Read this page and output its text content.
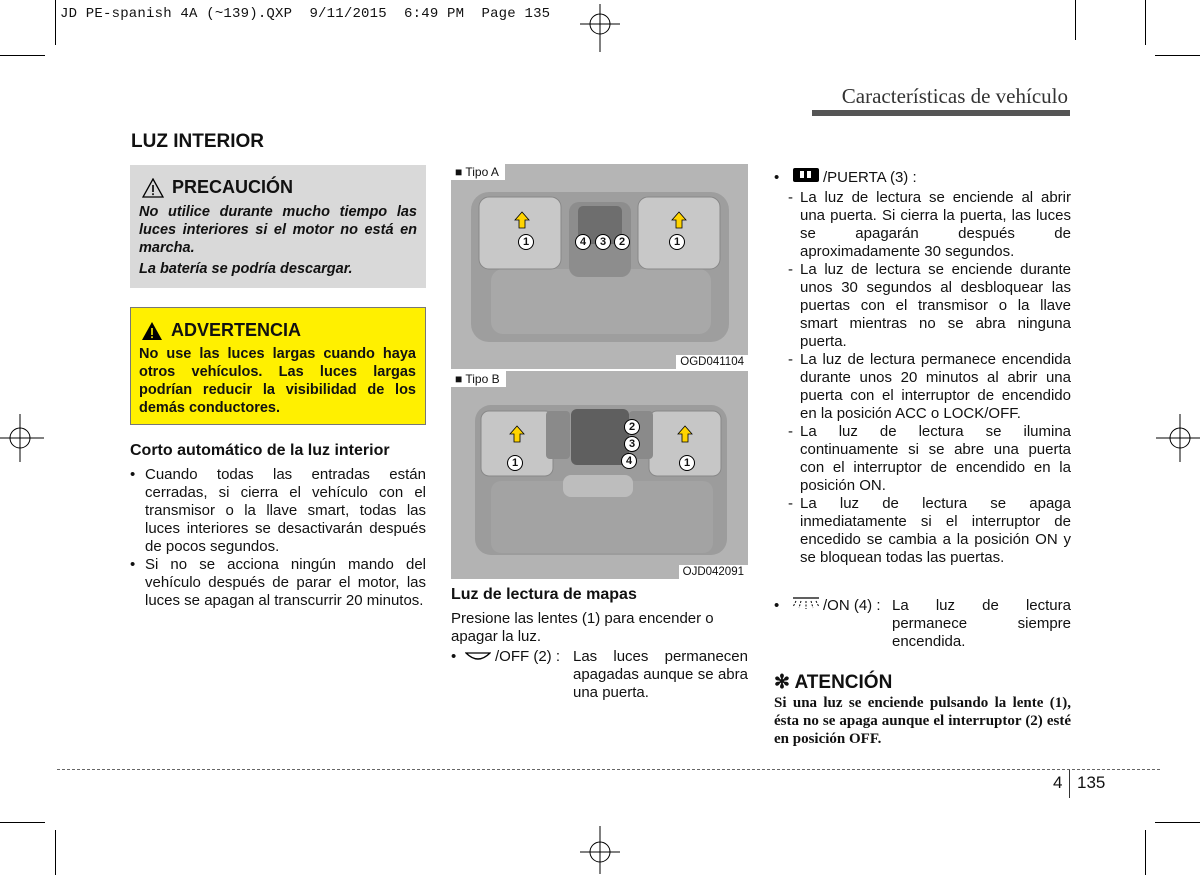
JD PE-spanish 4A (~139).QXP  9/11/2015  6:49 PM  Page 135
Características de vehículo
LUZ INTERIOR
PRECAUCIÓN
No utilice durante mucho tiempo las luces interiores si el motor no está en marcha.
La batería se podría descargar.
ADVERTENCIA
No use las luces largas cuando haya otros vehículos. Las luces largas podrían reducir la visibilidad de los demás conductores.
Corto automático de la luz interior
• Cuando todas las entradas están cerradas, si cierra el vehículo con el transmisor o la llave smart, todas las luces interiores se desactivarán después de pocos segundos.
• Si no se acciona ningún mando del vehículo después de parar el motor, las luces se apagan al transcurrir 20 minutos.
1	4	3	2	1
■ Tipo A
OGD041104
1
2
3
4	1
■ Tipo B
OJD042091
Luz de lectura de mapas
Presione las lentes (1) para encender o apagar la luz.
•	/OFF (2) : Las luces permanecen apagadas aunque se abra una puerta.
•	/PUERTA (3) :
- La luz de lectura se enciende al abrir una puerta. Si cierra la puerta, las luces se apagarán después de aproximadamente 30 segundos.
- La luz de lectura se enciende durante unos 30 segundos al desbloquear las puertas con el transmisor o la llave smart mientras no se abra ninguna puerta.
- La luz de lectura permanece encendida durante unos 20 minutos al abrir una puerta con el interruptor de encendido en la posición ACC o LOCK/OFF.
- La luz de lectura se ilumina continuamente si se abre una puerta con el interruptor de encendido en la posición ON.
- La luz de lectura se apaga inmediatamente si el interruptor de encedido se cambia a la posición ON y se bloquean todas las puertas.
•	/ON (4) : La luz de lectura permanece siempre encendida.
✻ ATENCIÓN
Si una luz se enciende pulsando la lente (1), ésta no se apaga aunque el interruptor (2) esté en posición OFF.
4 135
